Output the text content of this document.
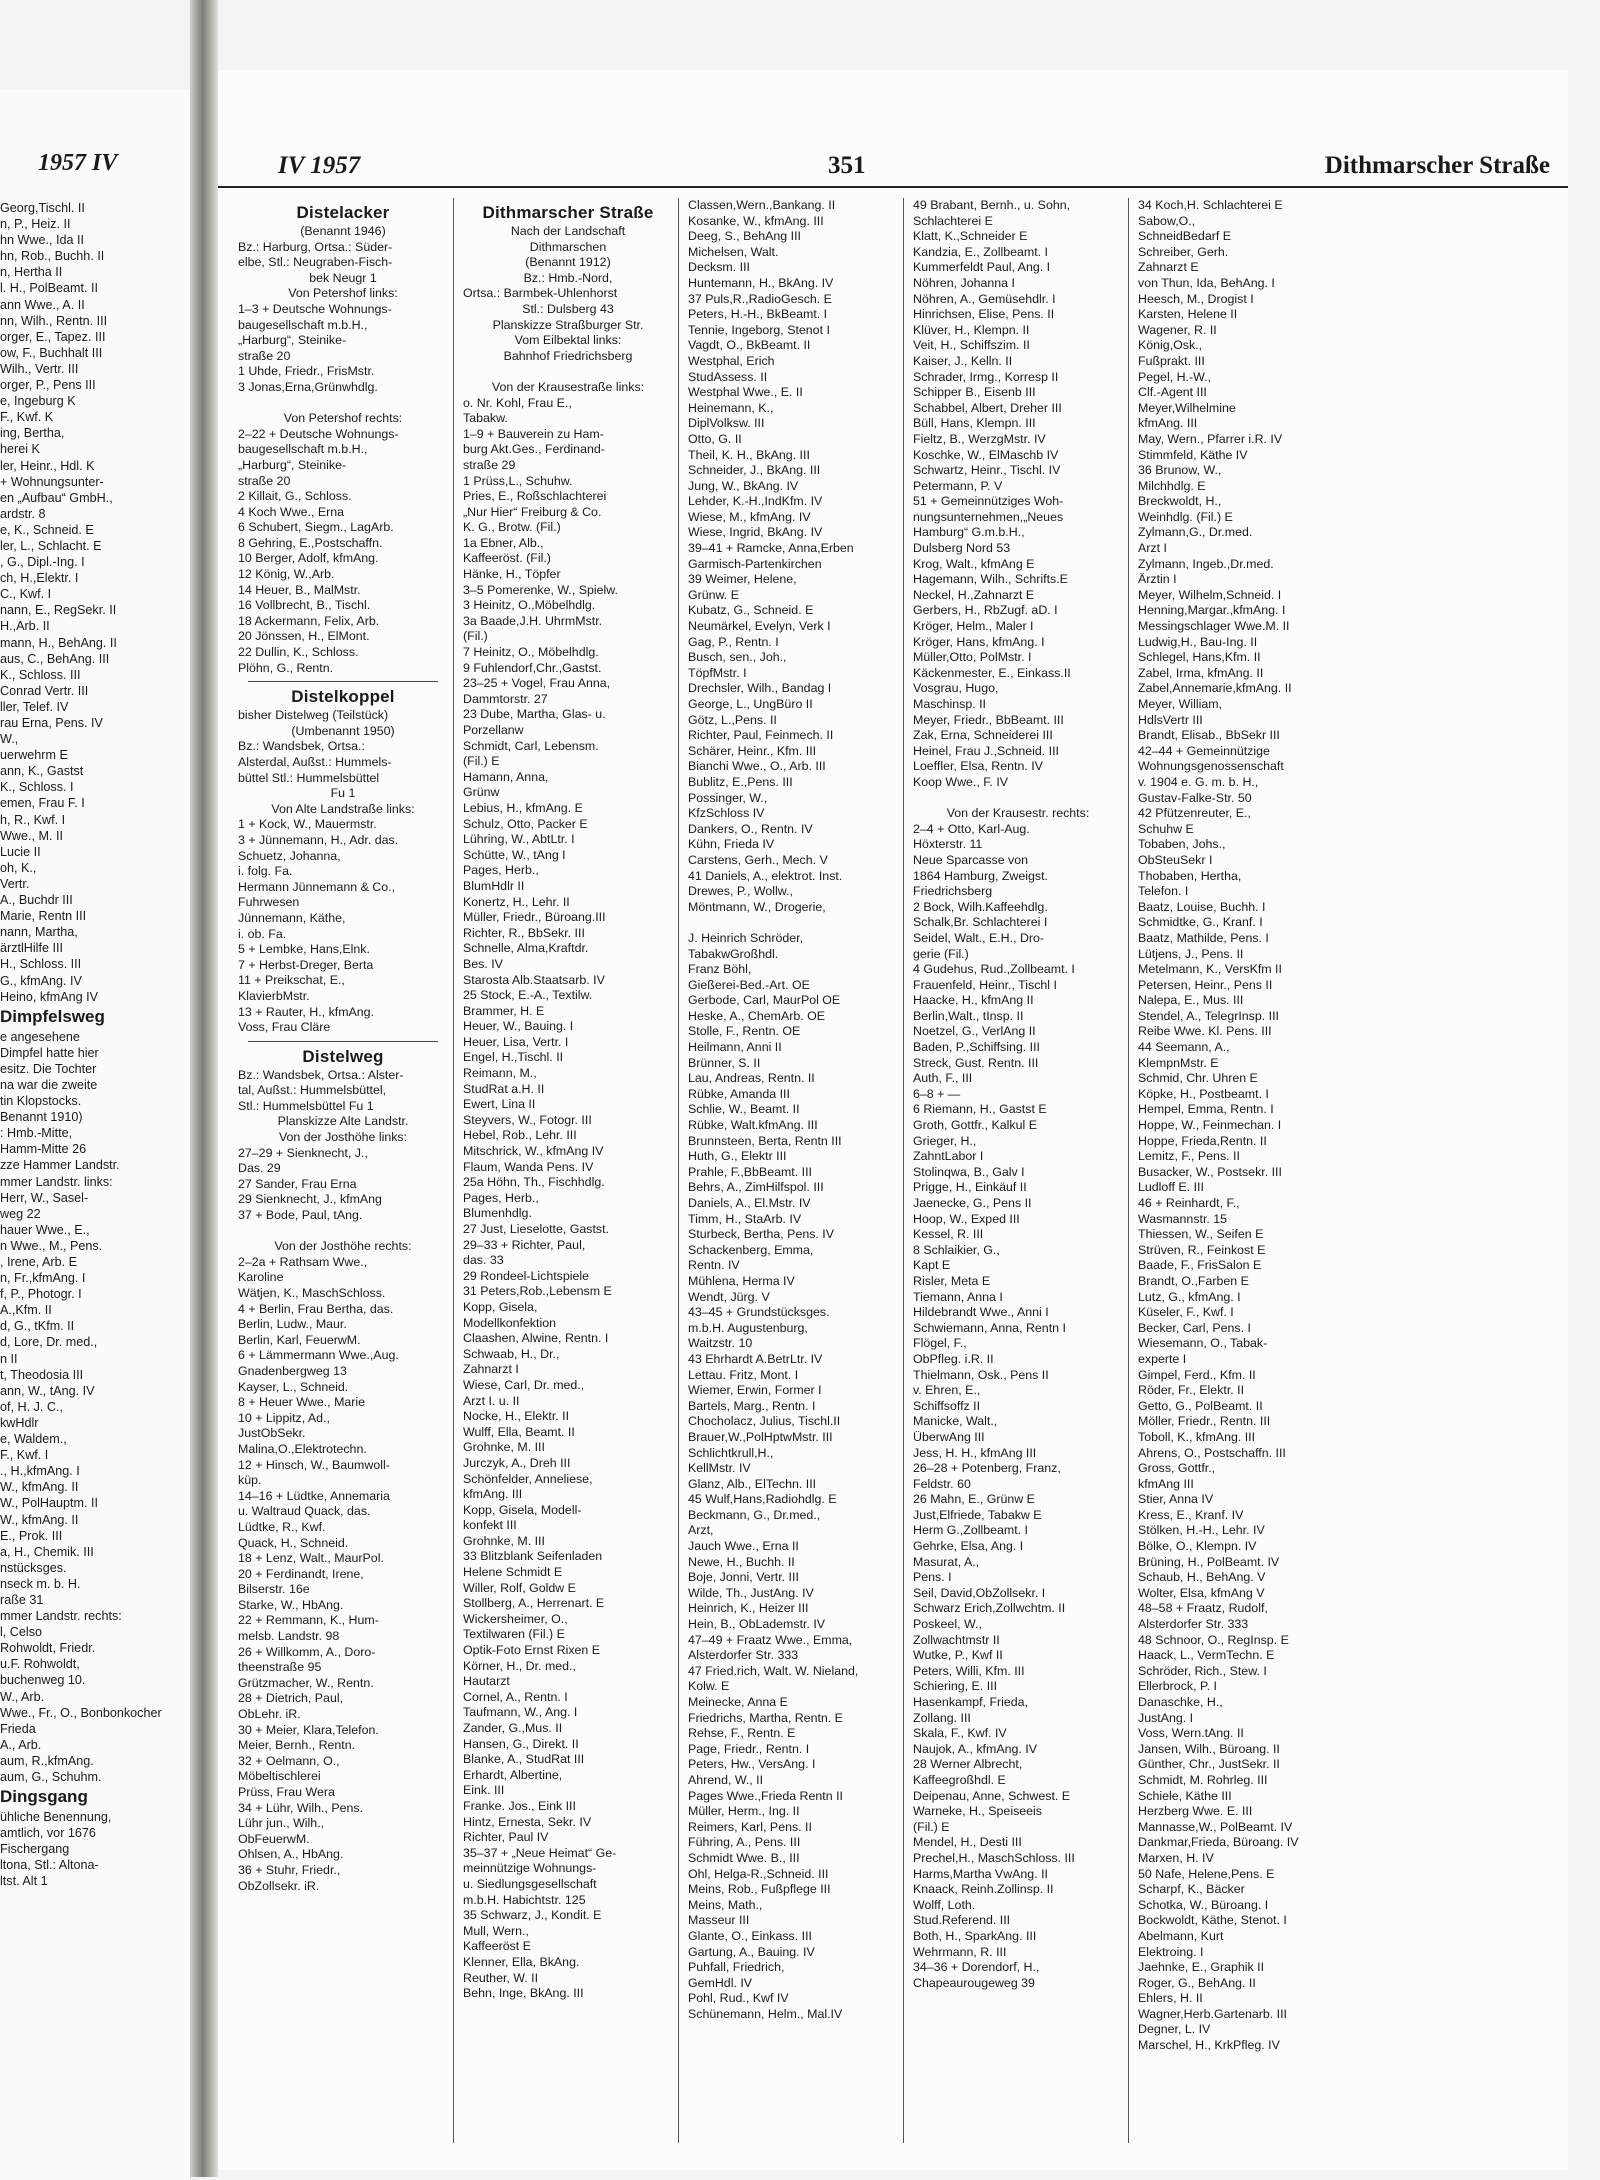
1957 IV
Georg,Tischl. II
n, P., Heiz. II
hn Wwe., Ida II
hn, Rob., Buchh. II
n, Hertha II
l. H., PolBeamt. II
ann Wwe., A. II
nn, Wilh., Rentn. III
orger, E., Tapez. III
ow, F., Buchhalt III
Wilh., Vertr. III
orger, P., Pens III
e, Ingeburg K
F., Kwf. K
ing, Bertha,
herei K
ler, Heinr., Hdl. K
+ Wohnungsunter-
en „Aufbau“ GmbH.,
ardstr. 8
e, K., Schneid. E
ler, L., Schlacht. E
, G., Dipl.-Ing. I
ch, H.,Elektr. I
C., Kwf. I
nann, E., RegSekr. II
H.,Arb. II
mann, H., BehAng. II
aus, C., BehAng. III
K., Schloss. III
Conrad Vertr. III
ller, Telef. IV
rau Erna, Pens. IV
W.,
uerwehrm E
ann, K., Gastst
K., Schloss. I
emen, Frau F. I
h, R., Kwf. I
Wwe., M. II
Lucie II
oh, K.,
Vertr.
A., Buchdr III
Marie, Rentn III
nann, Martha,
ärztlHilfe III
H., Schloss. III
G., kfmAng. IV
Heino, kfmAng IV
Dimpfelsweg
e angesehene
Dimpfel hatte hier
esitz. Die Tochter
na war die zweite
tin Klopstocks.
Benannt 1910)
: Hmb.-Mitte,
Hamm-Mitte 26
zze Hammer Landstr.
mmer Landstr. links:
Herr, W., Sasel-
weg 22
hauer Wwe., E.,
n Wwe., M., Pens.
, Irene, Arb. E
n, Fr.,kfmAng. I
f, P., Photogr. I
A.,Kfm. II
d, G., tKfm. II
d, Lore, Dr. med.,
n II
t, Theodosia III
ann, W., tAng. IV
of, H. J. C.,
kwHdlr
e, Waldem.,
F., Kwf. I
., H.,kfmAng. I
W., kfmAng. II
W., PolHauptm. II
W., kfmAng. II
E., Prok. III
a, H., Chemik. III
nstücksges.
nseck m. b. H.
raße 31
mmer Landstr. rechts:
l, Celso
Rohwoldt, Friedr.
u.F. Rohwoldt,
buchenweg 10.
W., Arb.
Wwe., Fr., O., Bonbonkocher
Frieda
A., Arb.
aum, R.,kfmAng.
aum, G., Schuhm.
Dingsgang
ühliche Benennung,
amtlich, vor 1676
Fischergang
ltona, Stl.: Altona-
ltst. Alt 1
IV 1957	351	Dithmarscher Straße
Distelacker
(Benannt 1946)
Bz.: Harburg, Ortsa.: Süder-
elbe, Stl.: Neugraben-Fisch-
bek Neugr 1
Von Petershof links:
1–3 + Deutsche Wohnungs-
baugesellschaft m.b.H.,
„Harburg“, Steinike-
straße 20
1 Uhde, Friedr., FrisMstr.
3 Jonas,Erna,Grünwhdlg.

Von Petershof rechts:
2–22 + Deutsche Wohnungs-
baugesellschaft m.b.H.,
„Harburg“, Steinike-
straße 20
2 Killait, G., Schloss.
4 Koch Wwe., Erna
6 Schubert, Siegm., LagArb.
8 Gehring, E.,Postschaffn.
10 Berger, Adolf, kfmAng.
12 König, W.,Arb.
14 Heuer, B., MalMstr.
16 Vollbrecht, B., Tischl.
18 Ackermann, Felix, Arb.
20 Jönssen, H., ElMont.
22 Dullin, K., Schloss.
Plöhn, G., Rentn.
Distelkoppel
bisher Distelweg (Teilstück)
(Umbenannt 1950)
Bz.: Wandsbek, Ortsa.:
Alsterdal, Außst.: Hummels-
büttel Stl.: Hummelsbüttel
Fu 1
Von Alte Landstraße links:
1 + Kock, W., Mauermstr.
3 + Jünnemann, H., Adr. das.
Schuetz, Johanna,
i. folg. Fa.
Hermann Jünnemann & Co.,
Fuhrwesen
Jünnemann, Käthe,
i. ob. Fa.
5 + Lembke, Hans,Elnk.
7 + Herbst-Dreger, Berta
11 + Preikschat, E.,
KlavierbMstr.
13 + Rauter, H., kfmAng.
Voss, Frau Cläre
Distelweg
Bz.: Wandsbek, Ortsa.: Alster-
tal, Außst.: Hummelsbüttel,
Stl.: Hummelsbüttel Fu 1
Planskizze Alte Landstr.
Von der Josthöhe links:
27–29 + Sienknecht, J.,
Das. 29
27 Sander, Frau Erna
29 Sienknecht, J., kfmAng
37 + Bode, Paul, tAng.

Von der Josthöhe rechts:
2–2a + Rathsam Wwe.,
Karoline
Wätjen, K., MaschSchloss.
4 + Berlin, Frau Bertha, das.
Berlin, Ludw., Maur.
Berlin, Karl, FeuerwM.
6 + Lämmermann Wwe.,Aug.
Gnadenbergweg 13
Kayser, L., Schneid.
8 + Heuer Wwe., Marie
10 + Lippitz, Ad.,
JustObSekr.
Malina,O.,Elektrotechn.
12 + Hinsch, W., Baumwoll-
küp.
14–16 + Lüdtke, Annemaria
u. Waltraud Quack, das.
Lüdtke, R., Kwf.
Quack, H., Schneid.
18 + Lenz, Walt., MaurPol.
20 + Ferdinandt, Irene,
Bilserstr. 16e
Starke, W., HbAng.
22 + Remmann, K., Hum-
melsb. Landstr. 98
26 + Willkomm, A., Doro-
theenstraße 95
Grützmacher, W., Rentn.
28 + Dietrich, Paul,
ObLehr. iR.
30 + Meier, Klara,Telefon.
Meier, Bernh., Rentn.
32 + Oelmann, O.,
Möbeltischlerei
Prüss, Frau Wera
34 + Lühr, Wilh., Pens.
Lühr jun., Wilh.,
ObFeuerwM.
Ohlsen, A., HbAng.
36 + Stuhr, Friedr.,
ObZollsekr. iR.
Dithmarscher Straße
Nach der Landschaft
Dithmarschen
(Benannt 1912)
Bz.: Hmb.-Nord,
Ortsa.: Barmbek-Uhlenhorst
Stl.: Dulsberg 43
Planskizze Straßburger Str.
Vom Eilbektal links:
Bahnhof Friedrichsberg

Von der Krausestraße links:
o. Nr. Kohl, Frau E.,
Tabakw.
1–9 + Bauverein zu Ham-
burg Akt.Ges., Ferdinand-
straße 29
1 Prüss,L., Schuhw.
Pries, E., Roßschlachterei
„Nur Hier“ Freiburg & Co.
K. G., Brotw. (Fil.)
1a Ebner, Alb.,
Kaffeeröst. (Fil.)
Hänke, H., Töpfer
3–5 Pomerenke, W., Spielw.
3 Heinitz, O.,Möbelhdlg.
3a Baade,J.H. UhrmMstr.
(Fil.)
7 Heinitz, O., Möbelhdlg.
9 Fuhlendorf,Chr.,Gastst.
23–25 + Vogel, Frau Anna,
Dammtorstr. 27
23 Dube, Martha, Glas- u.
Porzellanw
Schmidt, Carl, Lebensm.
(Fil.) E
Hamann, Anna,
Grünw
Lebius, H., kfmAng. E
Schulz, Otto, Packer E
Lühring, W., AbtLtr. I
Schütte, W., tAng I
Pages, Herb.,
BlumHdlr II
Konertz, H., Lehr. II
Müller, Friedr., Büroang.III
Richter, R., BbSekr. III
Schnelle, Alma,Kraftdr.
Bes. IV
Starosta Alb.Staatsarb. IV
25 Stock, E.-A., Textilw.
Brammer, H. E
Heuer, W., Bauing. I
Heuer, Lisa, Vertr. I
Engel, H.,Tischl. II
Reimann, M.,
StudRat a.H. II
Ewert, Lina II
Steyvers, W., Fotogr. III
Hebel, Rob., Lehr. III
Mitschrick, W., kfmAng IV
Flaum, Wanda Pens. IV
25a Höhn, Th., Fischhdlg.
Pages, Herb.,
Blumenhdlg.
27 Just, Lieselotte, Gastst.
29–33 + Richter, Paul,
das. 33
29 Rondeel-Lichtspiele
31 Peters,Rob.,Lebensm E
Kopp, Gisela,
Modellkonfektion
Claashen, Alwine, Rentn. I
Schwaab, H., Dr.,
Zahnarzt I
Wiese, Carl, Dr. med.,
Arzt I. u. II
Nocke, H., Elektr. II
Wulff, Ella, Beamt. II
Grohnke, M. III
Jurczyk, A., Dreh III
Schönfelder, Anneliese,
kfmAng. III
Kopp, Gisela, Modell-
konfekt III
Grohnke, M. III
33 Blitzblank Seifenladen
Helene Schmidt E
Willer, Rolf, Goldw E
Stollberg, A., Herrenart. E
Wickersheimer, O.,
Textilwaren (Fil.) E
Optik-Foto Ernst Rixen E
Körner, H., Dr. med.,
Hautarzt
Cornel, A., Rentn. I
Taufmann, W., Ang. I
Zander, G.,Mus. II
Hansen, G., Direkt. II
Blanke, A., StudRat III
Erhardt, Albertine,
Eink. III
Franke. Jos., Eink III
Hintz, Ernesta, Sekr. IV
Richter, Paul IV
35–37 + „Neue Heimat“ Ge-
meinnützige Wohnungs-
u. Siedlungsgesellschaft
m.b.H. Habichtstr. 125
35 Schwarz, J., Kondit. E
Mull, Wern.,
Kaffeeröst E
Klenner, Ella, BkAng.
Reuther, W. II
Behn, Inge, BkAng. III
Classen,Wern.,Bankang. II
Kosanke, W., kfmAng. III
Deeg, S., BehAng III
Michelsen, Walt.
Decksm. III
Huntemann, H., BkAng. IV
37 Puls,R.,RadioGesch. E
Peters, H.-H., BkBeamt. I
Tennie, Ingeborg, Stenot I
Vagdt, O., BkBeamt. II
Westphal, Erich
StudAssess. II
Westphal Wwe., E. II
Heinemann, K.,
DiplVolksw. III
Otto, G. II
Theil, K. H., BkAng. III
Schneider, J., BkAng. III
Jung, W., BkAng. IV
Lehder, K.-H.,IndKfm. IV
Wiese, M., kfmAng. IV
Wiese, Ingrid, BkAng. IV
39–41 + Ramcke, Anna,Erben
Garmisch-Partenkirchen
39 Weimer, Helene,
Grünw. E
Kubatz, G., Schneid. E
Neumärkel, Evelyn, Verk I
Gag, P., Rentn. I
Busch, sen., Joh.,
TöpfMstr. I
Drechsler, Wilh., Bandag I
George, L., UngBüro II
Götz, L.,Pens. II
Richter, Paul, Feinmech. II
Schärer, Heinr., Kfm. III
Bianchi Wwe., O., Arb. III
Bublitz, E.,Pens. III
Possinger, W.,
KfzSchloss IV
Dankers, O., Rentn. IV
Kühn, Frieda IV
Carstens, Gerh., Mech. V
41 Daniels, A., elektrot. Inst.
Drewes, P., Wollw.,
Möntmann, W., Drogerie,

J. Heinrich Schröder,
TabakwGroßhdl.
Franz Böhl,
Gießerei-Bed.-Art. OE
Gerbode, Carl, MaurPol OE
Heske, A., ChemArb. OE
Stolle, F., Rentn. OE
Heilmann, Anni II
Brünner, S. II
Lau, Andreas, Rentn. II
Rübke, Amanda III
Schlie, W., Beamt. II
Rübke, Walt.kfmAng. III
Brunnsteen, Berta, Rentn III
Huth, G., Elektr III
Prahle, F.,BbBeamt. III
Behrs, A., ZimHilfspol. III
Daniels, A., El.Mstr. IV
Timm, H., StaArb. IV
Sturbeck, Bertha, Pens. IV
Schackenberg, Emma,
Rentn. IV
Mühlena, Herma IV
Wendt, Jürg. V
43–45 + Grundstücksges.
m.b.H. Augustenburg,
Waitzstr. 10
43 Ehrhardt A.BetrLtr. IV
Lettau. Fritz, Mont. I
Wiemer, Erwin, Former I
Bartels, Marg., Rentn. I
Chocholacz, Julius, Tischl.II
Brauer,W.,PolHptwMstr. III
Schlichtkrull,H.,
KellMstr. IV
Glanz, Alb., ElTechn. III
45 Wulf,Hans,Radiohdlg. E
Beckmann, G., Dr.med.,
Arzt,
Jauch Wwe., Erna II
Newe, H., Buchh. II
Boje, Jonni, Vertr. III
Wilde, Th., JustAng. IV
Heinrich, K., Heizer III
Hein, B., ObLademstr. IV
47–49 + Fraatz Wwe., Emma,
Alsterdorfer Str. 333
47 Fried.rich, Walt. W. Nieland,
Kolw. E
Meinecke, Anna E
Friedrichs, Martha, Rentn. E
Rehse, F., Rentn. E
Page, Friedr., Rentn. I
Peters, Hw., VersAng. I
Ahrend, W., II
Pages Wwe.,Frieda Rentn II
Müller, Herm., Ing. II
Reimers, Karl, Pens. II
Führing, A., Pens. III
Schmidt Wwe. B., III
Ohl, Helga-R.,Schneid. III
Meins, Rob., Fußpflege III
Meins, Math.,
Masseur III
Glante, O., Einkass. III
Gartung, A., Bauing. IV
Puhfall, Friedrich,
GemHdl. IV
Pohl, Rud., Kwf IV
Schünemann, Helm., Mal.IV
49 Brabant, Bernh., u. Sohn,
Schlachterei E
Klatt, K.,Schneider E
Kandzia, E., Zollbeamt. I
Kummerfeldt Paul, Ang. I
Nöhren, Johanna I
Nöhren, A., Gemüsehdlr. I
Hinrichsen, Elise, Pens. II
Klüver, H., Klempn. II
Veit, H., Schiffszim. II
Kaiser, J., Kelln. II
Schrader, Irmg., Korresp II
Schipper B., Eisenb III
Schabbel, Albert, Dreher III
Büll, Hans, Klempn. III
Fieltz, B., WerzgMstr. IV
Koschke, W., ElMaschb IV
Schwartz, Heinr., Tischl. IV
Petermann, P. V
51 + Gemeinnütziges Woh-
nungsunternehmen,„Neues
Hamburg“ G.m.b.H.,
Dulsberg Nord 53
Krog, Walt., kfmAng E
Hagemann, Wilh., Schrifts.E
Neckel, H.,Zahnarzt E
Gerbers, H., RbZugf. aD. I
Kröger, Helm., Maler I
Kröger, Hans, kfmAng. I
Müller,Otto, PolMstr. I
Käckenmester, E., Einkass.II
Vosgrau, Hugo,
Maschinsp. II
Meyer, Friedr., BbBeamt. III
Zak, Erna, Schneiderei III
Heinel, Frau J.,Schneid. III
Loeffler, Elsa, Rentn. IV
Koop Wwe., F. IV

Von der Krausestr. rechts:
2–4 + Otto, Karl-Aug.
Höxterstr. 11
Neue Sparcasse von
1864 Hamburg, Zweigst.
Friedrichsberg
2 Bock, Wilh.Kaffeehdlg.
Schalk,Br. Schlachterei I
Seidel, Walt., E.H., Dro-
gerie (Fil.)
4 Gudehus, Rud.,Zollbeamt. I
Frauenfeld, Heinr., Tischl I
Haacke, H., kfmAng II
Berlin,Walt., tInsp. II
Noetzel, G., VerlAng II
Baden, P.,Schiffsing. III
Streck, Gust. Rentn. III
Auth, F., III
6–8 + —
6 Riemann, H., Gastst E
Groth, Gottfr., Kalkul E
Grieger, H.,
ZahntLabor I
Stolinqwa, B., Galv I
Prigge, H., Einkäuf II
Jaenecke, G., Pens II
Hoop, W., Exped III
Kessel, R. III
8 Schlaikier, G.,
Kapt E
Risler, Meta E
Tiemann, Anna I
Hildebrandt Wwe., Anni I
Schwiemann, Anna, Rentn I
Flögel, F.,
ObPfleg. i.R. II
Thielmann, Osk., Pens II
v. Ehren, E.,
Schiffsoffz II
Manicke, Walt.,
ÜberwAng III
Jess, H. H., kfmAng III
26–28 + Potenberg, Franz,
Feldstr. 60
26 Mahn, E., Grünw E
Just,Elfriede, Tabakw E
Herm G.,Zollbeamt. I
Gehrke, Elsa, Ang. I
Masurat, A.,
Pens. I
Seil, David,ObZollsekr. I
Schwarz Erich,Zollwchtm. II
Poskeel, W.,
Zollwachtmstr II
Wutke, P., Kwf II
Peters, Willi, Kfm. III
Schiering, E. III
Hasenkampf, Frieda,
Zollang. III
Skala, F., Kwf. IV
Naujok, A., kfmAng. IV
28 Werner Albrecht,
Kaffeegroßhdl. E
Deipenau, Anne, Schwest. E
Warneke, H., Speiseeis
(Fil.) E
Mendel, H., Desti III
Prechel,H., MaschSchloss. III
Harms,Martha VwAng. II
Knaack, Reinh.Zollinsp. II
Wolff, Loth.
Stud.Referend. III
Both, H., SparkAng. III
Wehrmann, R. III
34–36 + Dorendorf, H.,
Chapeaurougeweg 39
34 Koch,H. Schlachterei E
Sabow,O.,
SchneidBedarf E
Schreiber, Gerh.
Zahnarzt E
von Thun, Ida, BehAng. I
Heesch, M., Drogist I
Karsten, Helene II
Wagener, R. II
König,Osk.,
Fußprakt. III
Pegel, H.-W.,
Clf.-Agent III
Meyer,Wilhelmine
kfmAng. III
May, Wern., Pfarrer i.R. IV
Stimmfeld, Käthe IV
36 Brunow, W.,
Milchhdlg. E
Breckwoldt, H.,
Weinhdlg. (Fil.) E
Zylmann,G., Dr.med.
Arzt I
Zylmann, Ingeb.,Dr.med.
Ärztin I
Meyer, Wilhelm,Schneid. I
Henning,Margar.,kfmAng. I
Messingschlager Wwe.M. II
Ludwig,H., Bau-Ing. II
Schlegel, Hans,Kfm. II
Zabel, Irma, kfmAng. II
Zabel,Annemarie,kfmAng. II
Meyer, William,
HdlsVertr III
Brandt, Elisab., BbSekr III
42–44 + Gemeinnützige
Wohnungsgenossenschaft
v. 1904 e. G. m. b. H.,
Gustav-Falke-Str. 50
42 Pfützenreuter, E.,
Schuhw E
Tobaben, Johs.,
ObSteuSekr I
Thobaben, Hertha,
Telefon. I
Baatz, Louise, Buchh. I
Schmidtke, G., Kranf. I
Baatz, Mathilde, Pens. I
Lütjens, J., Pens. II
Metelmann, K., VersKfm II
Petersen, Heinr., Pens II
Nalepa, E., Mus. III
Stendel, A., TelegrInsp. III
Reibe Wwe. Kl. Pens. III
44 Seemann, A.,
KlempnMstr. E
Schmid, Chr. Uhren E
Köpke, H., Postbeamt. I
Hempel, Emma, Rentn. I
Hoppe, W., Feinmechan. I
Hoppe, Frieda,Rentn. II
Lemitz, F., Pens. II
Busacker, W., Postsekr. III
Ludloff E. III
46 + Reinhardt, F.,
Wasmannstr. 15
Thiessen, W., Seifen E
Strüven, R., Feinkost E
Baade, F., FrisSalon E
Brandt, O.,Farben E
Lutz, G., kfmAng. I
Küseler, F., Kwf. I
Becker, Carl, Pens. I
Wiesemann, O., Tabak-
experte I
Gimpel, Ferd., Kfm. II
Röder, Fr., Elektr. II
Getto, G., PolBeamt. II
Möller, Friedr., Rentn. III
Toboll, K., kfmAng. III
Ahrens, O., Postschaffn. III
Gross, Gottfr.,
kfmAng III
Stier, Anna IV
Kress, E., Kranf. IV
Stölken, H.-H., Lehr. IV
Bölke, O., Klempn. IV
Brüning, H., PolBeamt. IV
Schaub, H., BehAng. V
Wolter, Elsa, kfmAng V
48–58 + Fraatz, Rudolf,
Alsterdorfer Str. 333
48 Schnoor, O., RegInsp. E
Haack, L., VermTechn. E
Schröder, Rich., Stew. I
Ellerbrock, P. I
Danaschke, H.,
JustAng. I
Voss, Wern.tAng. II
Jansen, Wilh., Büroang. II
Günther, Chr., JustSekr. II
Schmidt, M. Rohrleg. III
Schiele, Käthe III
Herzberg Wwe. E. III
Mannasse,W., PolBeamt. IV
Dankmar,Frieda, Büroang. IV
Marxen, H. IV
50 Nafe, Helene,Pens. E
Scharpf, K., Bäcker
Schotka, W., Büroang. I
Bockwoldt, Käthe, Stenot. I
Abelmann, Kurt
Elektroing. I
Jaehnke, E., Graphik II
Roger, G., BehAng. II
Ehlers, H. II
Wagner,Herb.Gartenarb. III
Degner, L. IV
Marschel, H., KrkPfleg. IV
